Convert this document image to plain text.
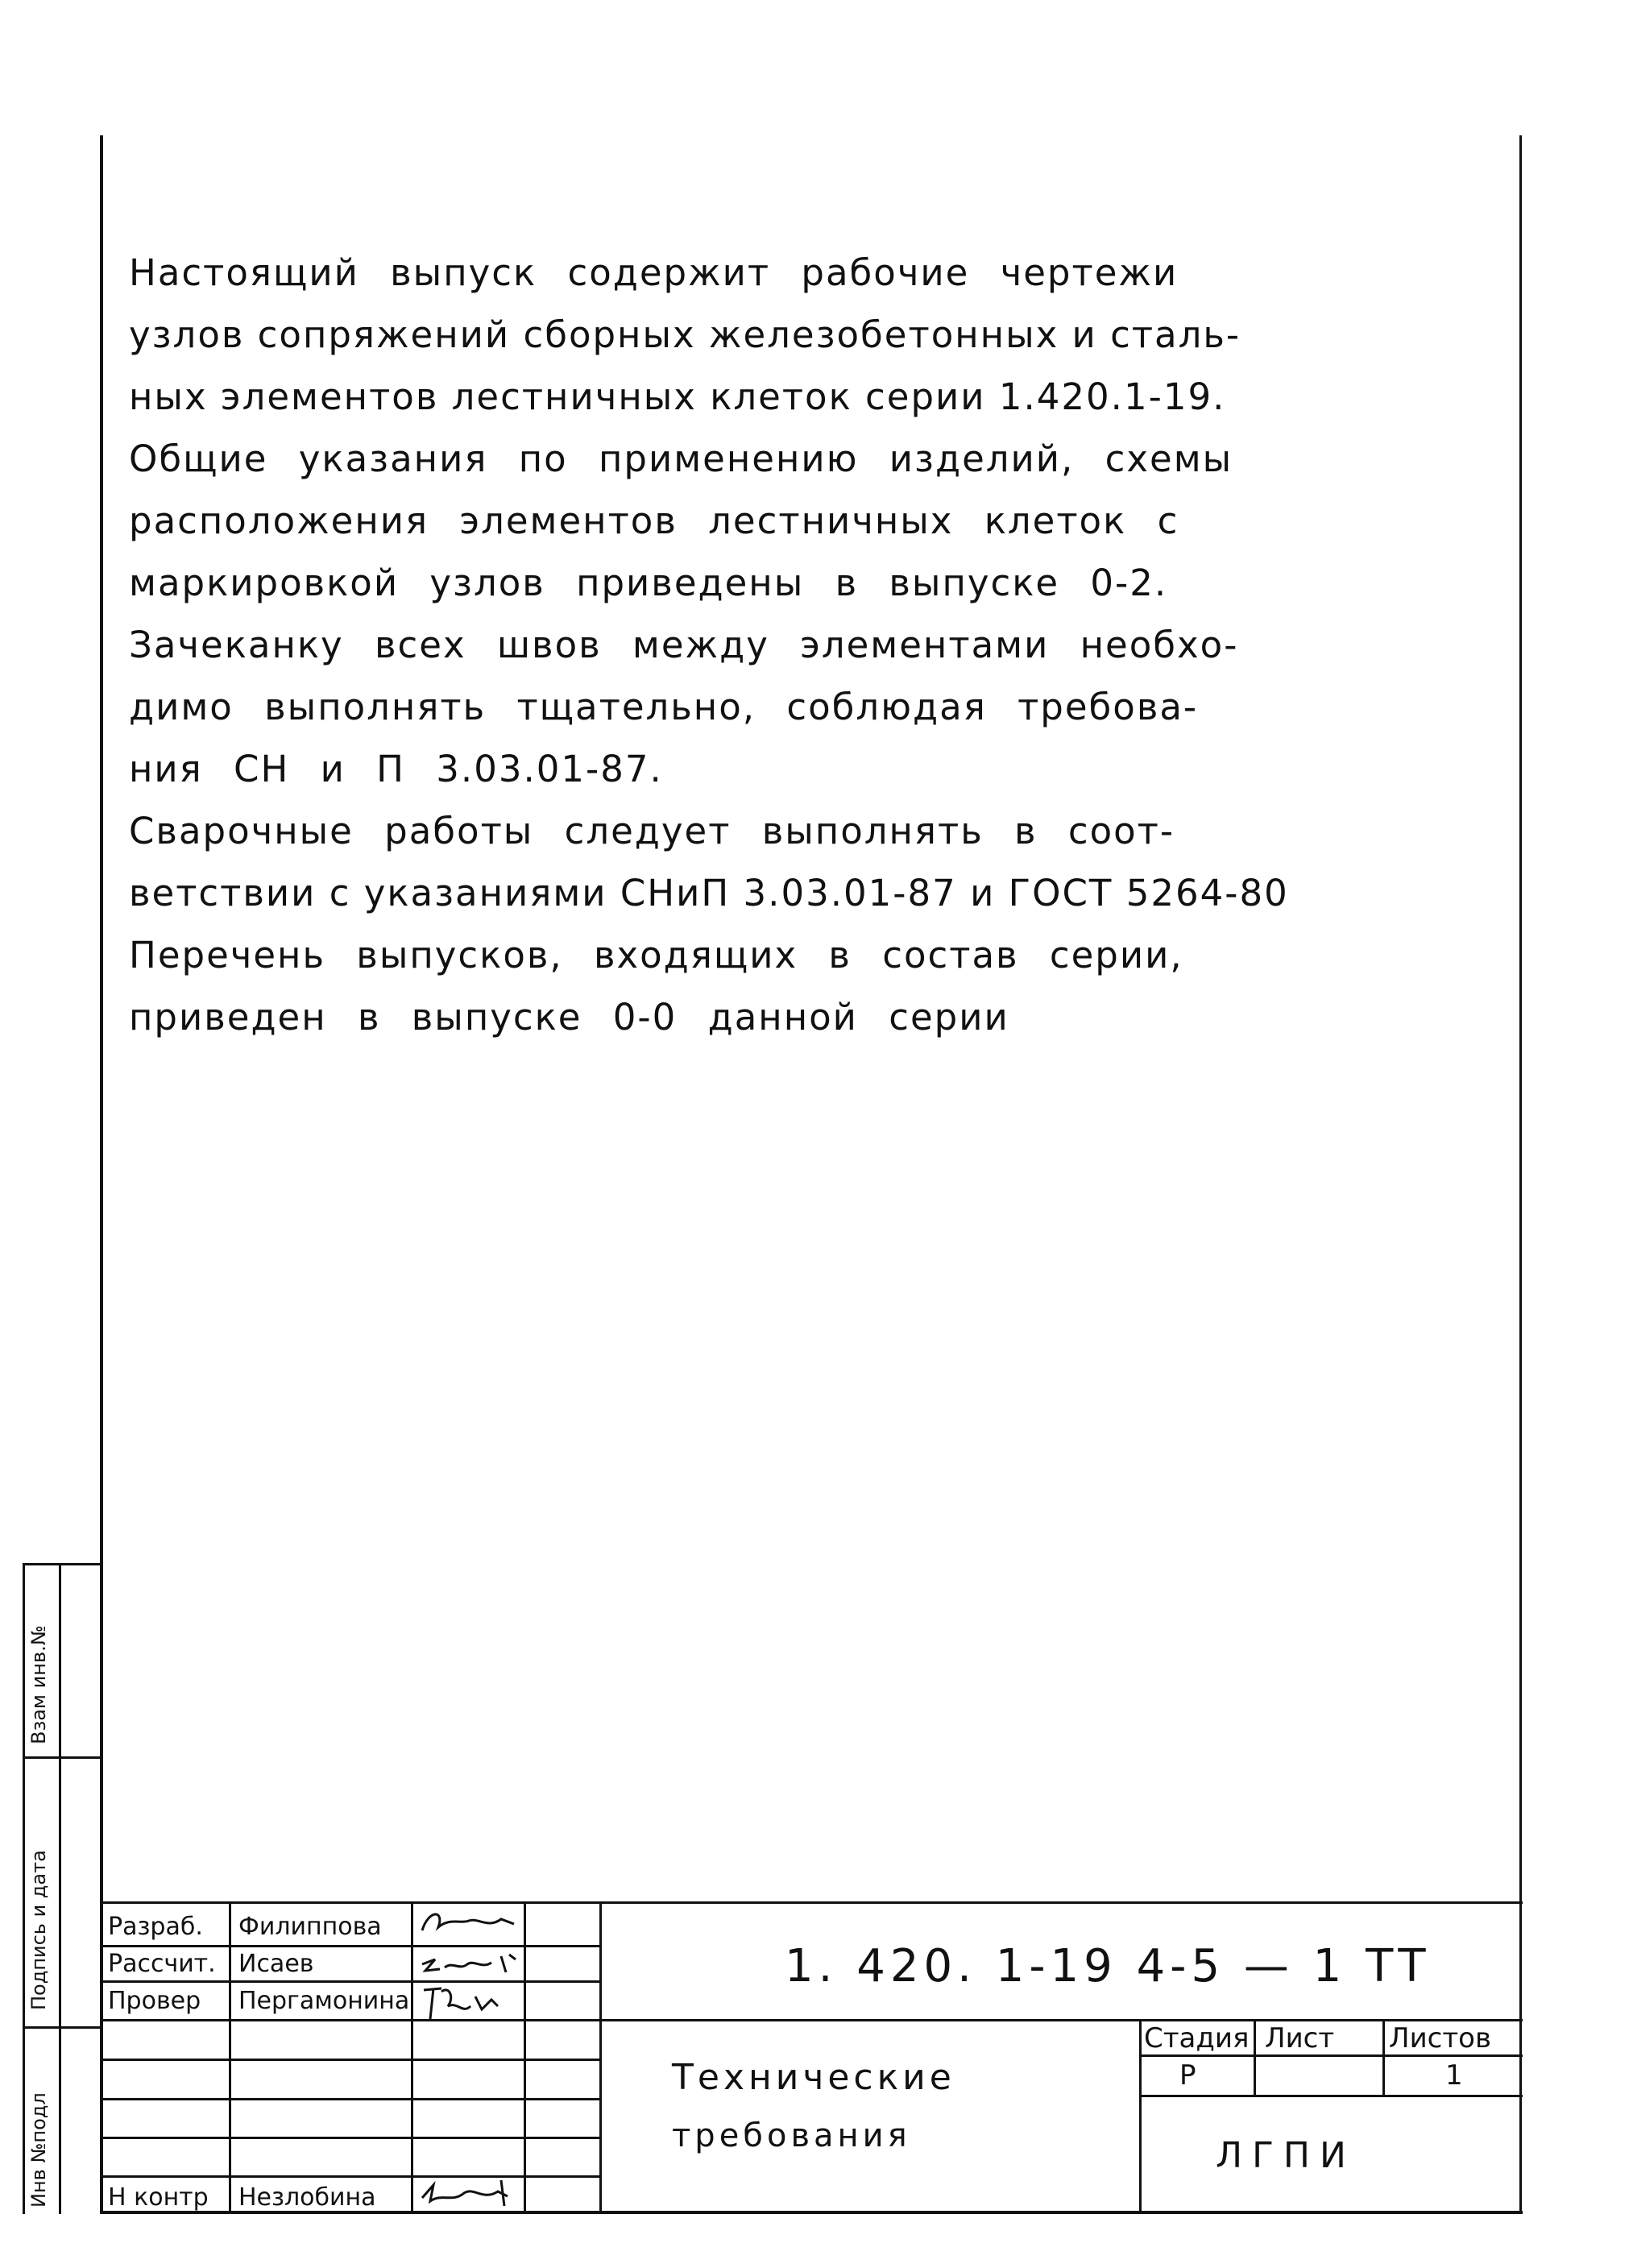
Настоящий выпуск содержит рабочие чертежи
узлов сопряжений сборных железобетонных и сталь-
ных элементов лестничных клеток серии 1.420.1-19.
Общие указания по применению изделий, схемы
расположения элементов лестничных клеток с
маркировкой узлов приведены в выпуске 0-2.
Зачеканку всех швов между элементами необхо-
димо выполнять тщательно, соблюдая требова-
ния СН и П 3.03.01-87.
Сварочные работы следует выполнять в соот-
ветствии с указаниями СНиП 3.03.01-87 и ГОСТ 5264-80
Перечень выпусков, входящих в состав серии,
приведен в выпуске 0-0 данной серии
Взам инв.№
Подпись и дата
Инв №подл
Разраб. Филиппова
Рассчит. Исаев
Провер Пергамонина
Н контр Незлобина
1. 420. 1-19 4-5 — 1 ТТ
Технические
требования
Стадия Лист Листов
Р	1
ЛГПИ
